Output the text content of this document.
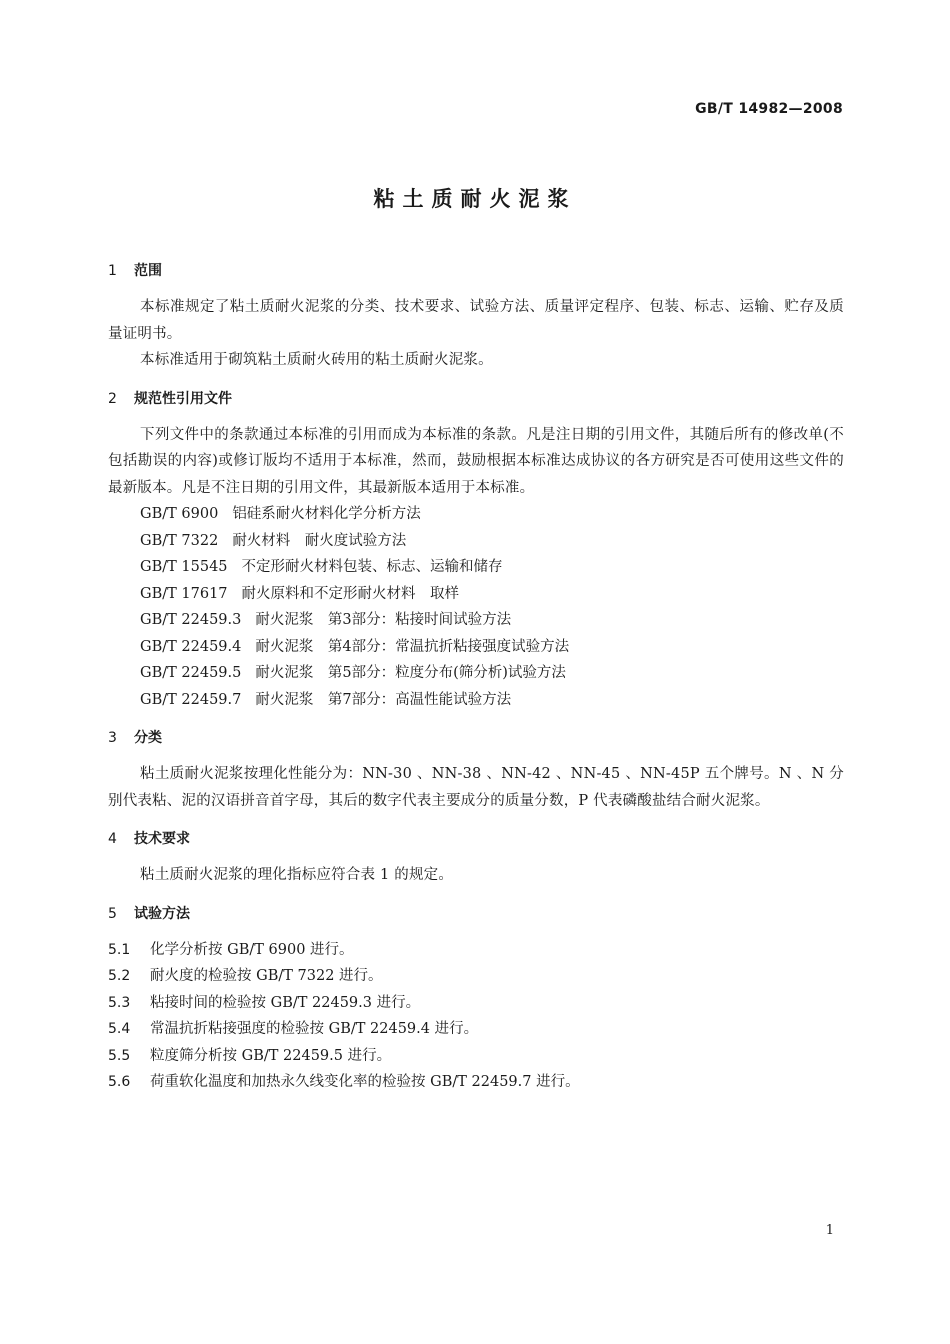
GB/T 14982—2008
粘土质耐火泥浆
1 范围
本标准规定了粘土质耐火泥浆的分类、技术要求、试验方法、质量评定程序、包装、标志、运输、贮存及质量证明书。
本标准适用于砌筑粘土质耐火砖用的粘土质耐火泥浆。
2 规范性引用文件
下列文件中的条款通过本标准的引用而成为本标准的条款。凡是注日期的引用文件，其随后所有的修改单(不包括勘误的内容)或修订版均不适用于本标准，然而，鼓励根据本标准达成协议的各方研究是否可使用这些文件的最新版本。凡是不注日期的引用文件，其最新版本适用于本标准。
GB/T 6900 铝硅系耐火材料化学分析方法
GB/T 7322 耐火材料　耐火度试验方法
GB/T 15545 不定形耐火材料包装、标志、运输和储存
GB/T 17617 耐火原料和不定形耐火材料　取样
GB/T 22459.3 耐火泥浆　第3部分：粘接时间试验方法
GB/T 22459.4 耐火泥浆　第4部分：常温抗折粘接强度试验方法
GB/T 22459.5 耐火泥浆　第5部分：粒度分布(筛分析)试验方法
GB/T 22459.7 耐火泥浆　第7部分：高温性能试验方法
3 分类
粘土质耐火泥浆按理化性能分为：NN-30 、NN-38 、NN-42 、NN-45 、NN-45P 五个牌号。N 、N 分别代表粘、泥的汉语拼音首字母，其后的数字代表主要成分的质量分数，P 代表磷酸盐结合耐火泥浆。
4 技术要求
粘土质耐火泥浆的理化指标应符合表 1 的规定。
5 试验方法
5.1 化学分析按 GB/T 6900 进行。
5.2 耐火度的检验按 GB/T 7322 进行。
5.3 粘接时间的检验按 GB/T 22459.3 进行。
5.4 常温抗折粘接强度的检验按 GB/T 22459.4 进行。
5.5 粒度筛分析按 GB/T 22459.5 进行。
5.6 荷重软化温度和加热永久线变化率的检验按 GB/T 22459.7 进行。
1
